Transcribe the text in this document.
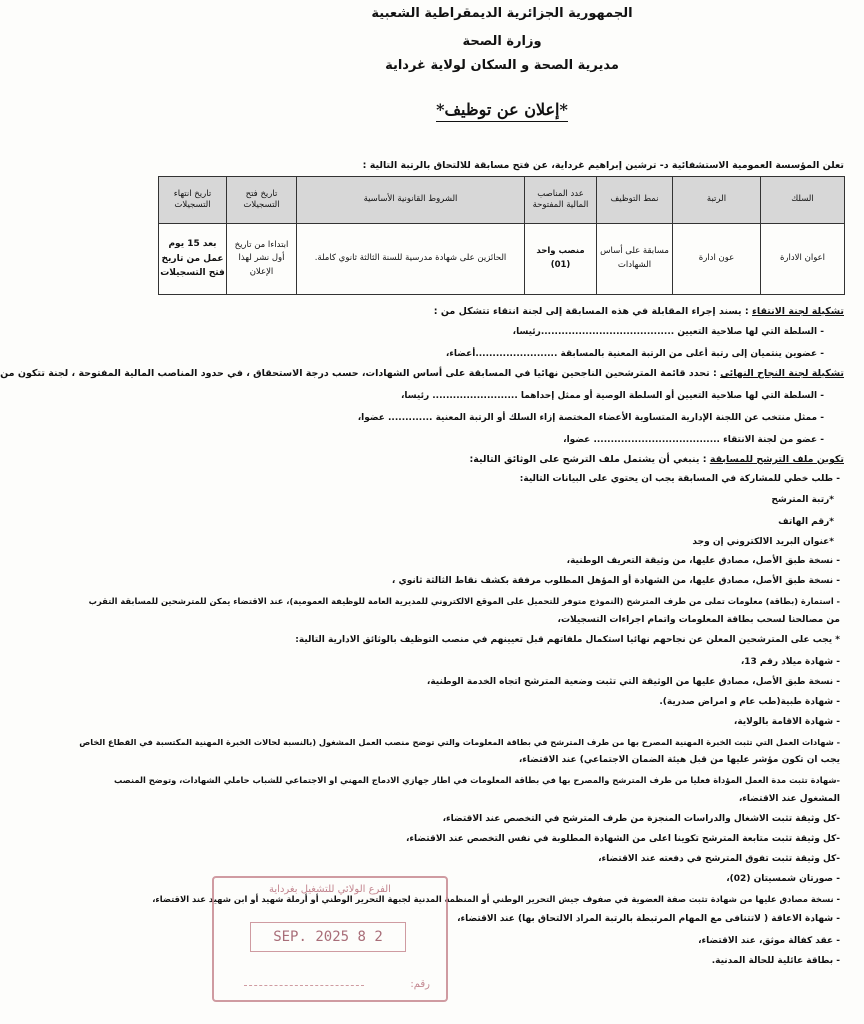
الجمهورية الجزائرية الديمقراطية الشعبية
وزارة الصحة
مديرية الصحة و السكان لولاية غرداية
*إعلان عن توظيف*
تعلن المؤسسة العمومية الاستشفائية د- ترشين إبراهيم غرداية، عن فتح مسابقة للالتحاق بالرتبة التالية :
السلك	الرتبة	نمط التوظيف	عدد المناصب المالية المفتوحة	الشروط القانونية الأساسية	تاريخ فتح التسجيلات	تاريخ انتهاء التسجيلات
اعوان الادارة	عون ادارة	مسابقة على أساس الشهادات	منصب واحد (01)	الحائزين على شهادة مدرسية للسنة الثالثة ثانوي كاملة.	ابتداءا من تاريخ أول نشر لهذا الإعلان	بعد 15 يوم عمل من تاريخ فتح التسجيلات
تشكيلة لجنة الانتقاء : يسند إجراء المقابلة في هذه المسابقة إلى لجنة انتقاء تتشكل من :
- السلطة التي لها صلاحية التعيين .......................................رئيسا،
- عضوين ينتميان إلى رتبة أعلى من الرتبة المعنية بالمسابقة ........................أعضاء،
تشكيلة لجنة النجاح النهائي : تحدد قائمة المترشحين الناجحين نهائيا في المسابقة على أساس الشهادات، حسب درجة الاستحقاق ، في حدود المناصب المالية المفتوحة ، لجنة تتكون من
- السلطة التي لها صلاحية التعيين أو السلطة الوصية أو ممثل إحداهما ......................... رئيسا،
- ممثل منتخب عن اللجنة الإدارية المتساوية الأعضاء المختصة إزاء السلك أو الرتبة المعنية ............. عضوا،
- عضو من لجنة الانتقاء ..................................... عضوا،
تكوين ملف الترشح للمسابقة : ينبغي أن يشتمل ملف الترشح على الوثائق التالية:
- طلب خطي للمشاركة في المسابقة يجب ان يحتوي على البيانات التالية:
*رتبة المترشح
*رقم الهاتف
*عنوان البريد الالكتروني إن وجد
- نسخة طبق الأصل، مصادق عليها، من وثيقة التعريف الوطنية،
- نسخة طبق الأصل، مصادق عليها، من الشهادة أو المؤهل المطلوب مرفقة بكشف نقاط الثالثة ثانوي ،
- استمارة (بطاقة) معلومات تملى من طرف المترشح (النموذج متوفر للتحميل على الموقع الالكتروني للمديرية العامة للوظيفة العمومية)، عند الاقتضاء يمكن للمترشحين للمسابقة التقرب
من مصالحنا لسحب بطاقة المعلومات واتمام اجراءات التسجيلات،
* يجب على المترشحين المعلن عن نجاحهم نهائيا استكمال ملفاتهم قبل تعيينهم في منصب التوظيف بالوثائق الادارية التالية:
- شهادة ميلاد رقم 13،
- نسخة طبق الأصل، مصادق عليها من الوثيقة التي تثبت وضعية المترشح اتجاه الخدمة الوطنية،
- شهادة طبية(طب عام و امراض صدرية).
- شهادة الاقامة بالولاية،
- شهادات العمل التي تثبت الخبرة المهنية المصرح بها من طرف المترشح في بطاقة المعلومات والتي توضح منصب العمل المشغول (بالنسبة لحالات الخبرة المهنية المكتسبة في القطاع الخاص
يجب ان تكون مؤشر عليها من قبل هيئة الضمان الاجتماعي) عند الاقتضاء،
-شهادة تثبت مدة العمل المؤداة فعليا من طرف المترشح والمصرح بها في بطاقة المعلومات في اطار جهازي الادماج المهني او الاجتماعي للشباب حاملي الشهادات، وتوضح المنصب
المشغول عند الاقتضاء،
-كل وثيقة تثبت الاشغال والدراسات المنجزة من طرف المترشح في التخصص عند الاقتضاء،
-كل وثيقة تثبت متابعة المترشح تكوينا اعلى من الشهادة المطلوبة في نفس التخصص عند الاقتضاء،
-كل وثيقة تثبت تفوق المترشح في دفعته عند الاقتضاء،
- صورتان شمسيتان (02)،
- نسخة مصادق عليها من شهادة تثبت صفة العضوية في صفوف جيش التحرير الوطني أو المنظمة المدنية لجبهة التحرير الوطني أو أرملة شهيد أو ابن شهيد عند الاقتضاء،
- شهادة الاعاقة ( لاتتنافى مع المهام المرتبطة بالرتبة المراد الالتحاق بها) عند الاقتضاء،
- عقد كفالة موثق، عند الاقتضاء،
- بطاقة عائلية للحالة المدنية.
الفرع الولائي للتشغيل بغرداية
2 8 SEP. 2025
رقم:
